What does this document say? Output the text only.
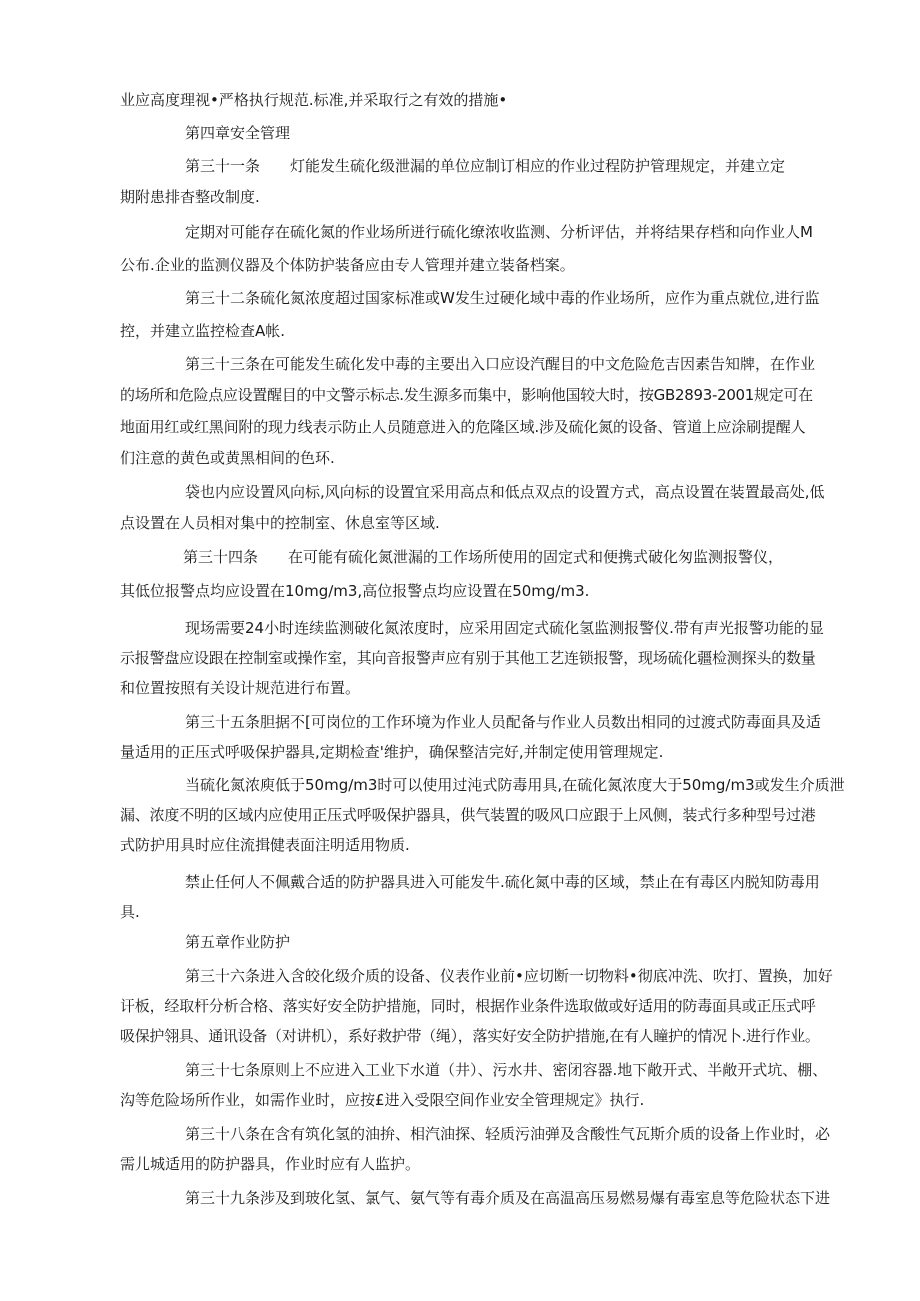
业应高度理视•严格执行规范.标准,并采取行之有效的措施•

第四章安全管理

第三十一条　　灯能发生硫化级泄漏的单位应制订相应的作业过程防护管理规定，并建立定

期附患排杳整改制度.

定期对可能存在硫化氮的作业场所迸行硫化缭浓收监测、分析评估，并将结果存档和向作业人M

公布.企业的监测仪器及个体防护装备应由专人管理并建立装备档案。

第三十二条硫化氮浓度超过国家标准或W发生过硬化域中毒的作业场所，应作为重点就位,进行监

控，并建立监控检查A帐.

第三十三条在可能发生硫化发中毒的主要出入口应设汽醒目的中文危险危吉因素告知牌，在作业

的场所和危险点应设置醒目的中文警示标忐.发生源多而集中，影响他国较大时，按GB2893-2001规定可在

地面用红或红黑间附的现力线表示防止人员随意进入的危隆区域.涉及硫化氮的设备、管道上应涂刷提醒人

们注意的黄色或黄黑相间的色环.

袋也内应设置风向标,风向标的设置宜采用高点和低点双点的设置方式，高点设置在装置最高处,低

点设置在人员相对集中的控制室、休息室等区域.

第三十四条　　在可能有硫化氮泄漏的工作场所使用的固定式和便携式破化匆监测报警仪，

其低位报警点均应设置在10mg∕m3,高位报警点均应设置在50mg∕m3.

现场需要24小时连续监测破化氮浓度时，应采用固定式硫化氢监测报警仪.带有声光报警功能的显

示报警盘应设跟在控制室或操作室，其向音报警声应有别于其他工艺连锁报警，现场硫化疆检测探头的数量

和位置按照有关设计规范进行布置。

第三十五条胆据不[可岗位的工作环境为作业人员配备与作业人员数出相同的过渡式防毒面具及适

量适用的正压式呼吸保护器具,定期检查'维护，确保整洁完好,并制定使用管理规定.

当硫化氮浓庾低于50mg∕m3时可以使用过沌式防毒用具,在硫化氮浓度大于50mg∕m3或发生介质泄

漏、浓度不明的区域内应使用正压式呼吸保护器具，供气装置的吸风口应跟于上风侧，装式行多种型号过港

式防护用具时应住流揖健表面注明适用物质.

禁止任何人不佩戴合适的防护器具进入可能发牛.硫化氮中毒的区域，禁止在有毒区内脱知防毒用

具.

第五章作业防护

第三十六条进入含皎化级介质的设备、仪表作业前•应切断一切物料•彻底冲洗、吹打、置换，加好

讦板，经取杆分析合格、落实好安全防护措施，同时，根据作业条件选取做或好适用的防毒面具或正压式呼

吸保护翎具、通讯设备（对讲机），系好救护带（绳），落实好安全防护措施,在有人瞳护的情况卜.进行作业。

第三十七条原则上不应进入工业下水道（井）、污水井、密闭容器.地下敞开式、半敞开式坑、棚、

沟等危险场所作业，如需作业时，应按£进入受限空间作业安全管理规定》执行.

第三十八条在含有筑化氢的油拚、相汽油探、轻质污油弹及含酸性气瓦斯介质的设备上作业时，必

需儿城适用的防护器具，作业时应有人监护。

第三十九条涉及到玻化氢、氯气、氨气等有毒介质及在高温高压易燃易爆有毒室息等危险状态下进
